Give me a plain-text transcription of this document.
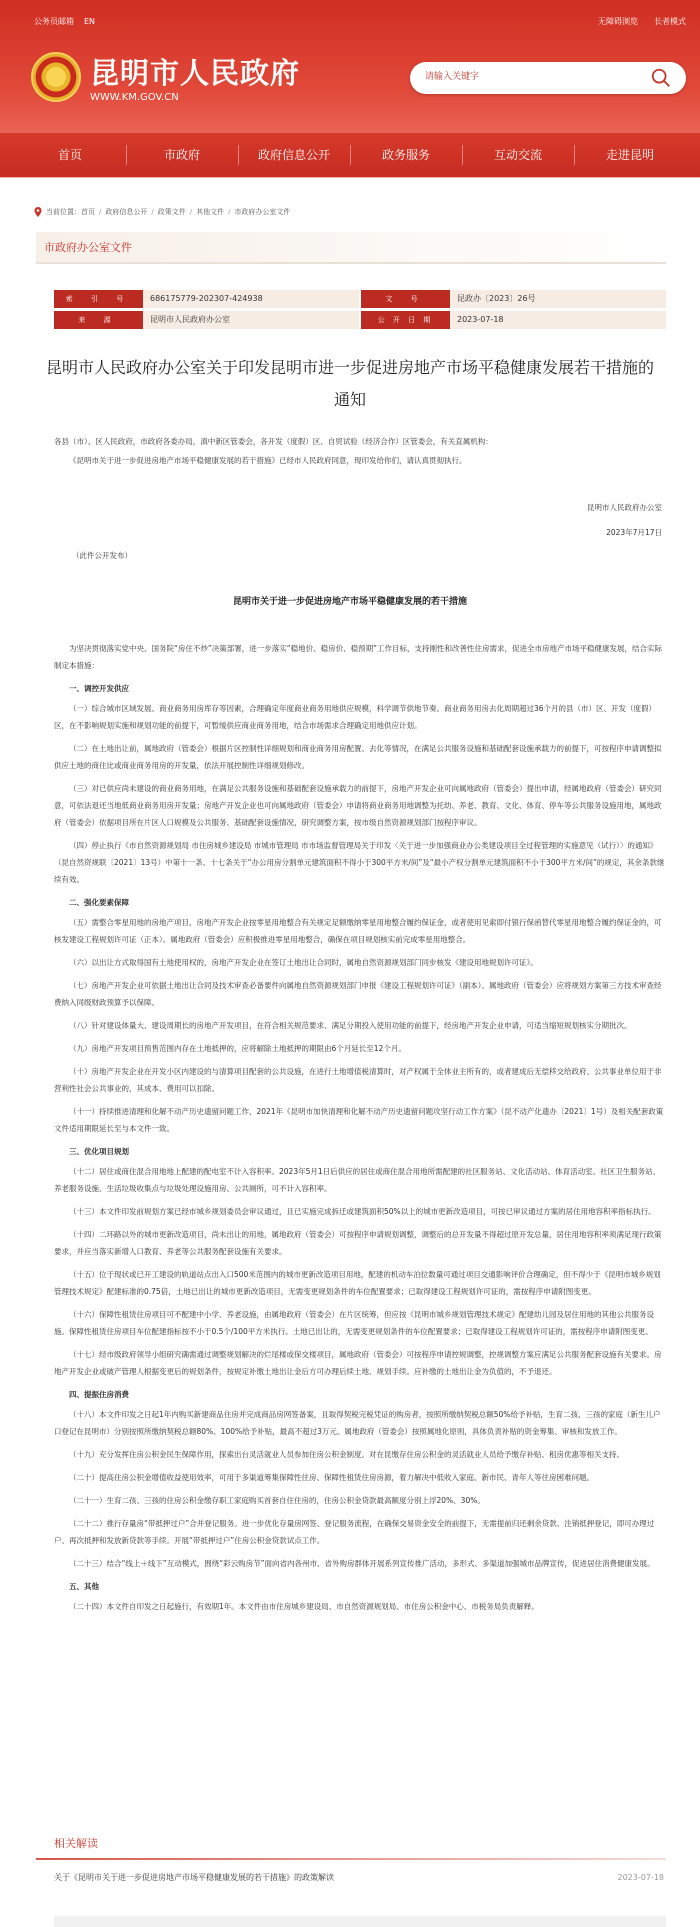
公务员邮箱 EN	无障碍浏览 长者模式
昆明市人民政府
WWW.KM.GOV.CN
请输入关键字
首页	市政府	政府信息公开	政务服务	互动交流	走进昆明
当前位置：首页 / 政府信息公开 / 政策文件 / 其他文件 / 市政府办公室文件
市政府办公室文件
索 引 号	686175779-202307-424938	文 号	昆政办〔2023〕26号
来 源	昆明市人民政府办公室	公 开 日 期	2023-07-18
昆明市人民政府办公室关于印发昆明市进一步促进房地产市场平稳健康发展若干措施的通知

各县（市）、区人民政府，市政府各委办局，滇中新区管委会，各开发（度假）区、自贸试验（经济合作）区管委会，有关直属机构：

《昆明市关于进一步促进房地产市场平稳健康发展的若干措施》已经市人民政府同意，现印发给你们，请认真贯彻执行。

昆明市人民政府办公室
2023年7月17日
（此件公开发布）
昆明市关于进一步促进房地产市场平稳健康发展的若干措施

为坚决贯彻落实党中央、国务院“房住不炒”决策部署，进一步落实“稳地价、稳房价、稳预期”工作目标，支持刚性和改善性住房需求，促进全市房地产市场平稳健康发展，结合实际制定本措施：

一、调控开发供应

（一）综合城市区域发展、商业商务用房库存等因素，合理确定年度商业商务用地供应规模，科学调节供地节奏。商业商务用房去化周期超过36个月的县（市）区、开发（度假）区，在不影响规划实施和规划功能的前提下，可暂缓供应商业商务用地，结合市场需求合理确定用地供应计划。

（二）在土地出让前，属地政府（管委会）根据片区控制性详细规划和商业商务用房配置、去化等情况，在满足公共服务设施和基础配套设施承载力的前提下，可按程序申请调整拟供应土地的商住比或商业商务用房的开发量，依法开展控制性详细规划修改。

（三）对已供应尚未建设的商业商务用地，在满足公共服务设施和基础配套设施承载力的前提下，房地产开发企业可向属地政府（管委会）提出申请，经属地政府（管委会）研究同意，可依法退还当地低商业商务用房开发量；房地产开发企业也可向属地政府（管委会）申请将商业商务用地调整为托幼、养老、教育、文化、体育、停车等公共服务设施用地，属地政府（管委会）依据项目所在片区人口规模及公共服务、基础配套设施情况，研究调整方案，按市级自然资源规划部门按程序审议。

（四）停止执行《市自然资源规划局 市住房城乡建设局 市城市管理局 市市场监督管理局关于印发〈关于进一步加强商业办公类建设项目全过程管理的实施意见（试行）〉的通知》（昆自然资规联〔2021〕13号）中第十一条、十七条关于“办公用房分割单元建筑面积不得小于300平方米/间”及“最小产权分割单元建筑面积不小于300平方米/间”的规定，其余条款继续有效。

二、强化要素保障

（五）需整合零星用地的房地产项目，房地产开发企业按零星用地整合有关规定足额缴纳零星用地整合履约保证金，或者使用见索即付银行保函替代零星用地整合履约保证金的，可核发建设工程规划许可证（正本）。属地政府（管委会）应积极推进零星用地整合，确保在项目规划核实前完成零星用地整合。

（六）以出让方式取得国有土地使用权的，房地产开发企业在签订土地出让合同时，属地自然资源规划部门同步核发《建设用地规划许可证》。

（七）房地产开发企业可依据土地出让合同及技术审查必备要件向属地自然资源规划部门申报《建设工程规划许可证》（副本）。属地政府（管委会）应将规划方案第三方技术审查经费纳入同级财政预算予以保障。

（八）针对建设体量大、建设周期长的房地产开发项目，在符合相关规范要求、满足分期投入使用功能的前提下，经房地产开发企业申请，可适当缩短规划核实分期批次。

（九）房地产开发项目预售范围内存在土地抵押的，应将解除土地抵押的期限由6个月延长至12个月。

（十）房地产开发企业在开发小区内建设的与清算项目配套的公共设施，在进行土地增值税清算时，对产权属于全体业主所有的，或者建成后无偿移交给政府、公共事业单位用于非营利性社会公共事业的，其成本、费用可以扣除。

（十一）持续推进清理和化解不动产历史遗留问题工作，2021年《昆明市加快清理和化解不动产历史遗留问题攻坚行动工作方案》（昆不动产化遗办〔2021〕1号）及相关配套政策文件适用期限延长至与本文件一致。

三、优化项目规划

（十二）居住或商住混合用地地上配建的配电室不计入容积率。2023年5月1日后供应的居住或商住混合用地所需配建的社区服务站、文化活动站、体育活动室、社区卫生服务站、养老服务设施、生活垃圾收集点与垃圾处理设施用房、公共厕所，可不计入容积率。

（十三）本文件印发前规划方案已经市城乡规划委员会审议通过，且已实施完成拆迁或建筑面积50%以上的城市更新改造项目，可按已审议通过方案的居住用地容积率指标执行。

（十四）二环路以外的城市更新改造项目，尚未出让的用地，属地政府（管委会）可按程序申请规划调整，调整后的总开发量不得超过原开发总量，居住用地容积率须满足现行政策要求，并应当落实新增人口教育、养老等公共服务配套设施有关要求。

（十五）位于现状或已开工建设的轨道站点出入口500米范围内的城市更新改造项目用地，配建的机动车泊位数量可通过项目交通影响评价合理确定，但不得少于《昆明市城乡规划管理技术规定》配建标准的0.75倍，土地已出让的城市更新改造项目，无需变更规划条件的车位配置要求；已取得建设工程规划许可证的，需按程序申请附图变更。

（十六）保障性租赁住房项目可不配建中小学、养老设施，由属地政府（管委会）在片区统筹，但应按《昆明市城乡规划管理技术规定》配建幼儿园及居住用地的其他公共服务设施。保障性租赁住房项目车位配建指标按不小于0.5个/100平方米执行。土地已出让的，无需变更规划条件的车位配置要求；已取得建设工程规划许可证的，需按程序申请附图变更。

（十七）经市级政府领导小组研究确需通过调整规划解决的烂尾楼或保交楼项目，属地政府（管委会）可按程序申请控规调整，控规调整方案应满足公共服务配套设施有关要求。房地产开发企业或破产管理人根据变更后的规划条件，按规定补缴土地出让金后方可办理后续土地、规划手续。应补缴的土地出让金为负值的，不予退还。

四、提振住房消费

（十八）本文件印发之日起1年内购买新建商品住房并完成商品房网签备案，且取得契税完税凭证的购房者，按照所缴纳契税总额50%给予补贴，生育二孩、三孩的家庭（新生儿户口登记在昆明市）分别按照所缴纳契税总额80%、100%给予补贴，最高不超过3万元。属地政府（管委会）按照属地化原则，具体负责补贴的资金筹集、审核和发放工作。

（十九）充分发挥住房公积金民生保障作用，探索出台灵活就业人员参加住房公积金制度。对在昆缴存住房公积金的灵活就业人员给予缴存补贴、租房优惠等相关支持。

（二十）提高住房公积金增值收益使用效率，可用于多渠道筹集保障性住房、保障性租赁住房房源，着力解决中低收入家庭、新市民、青年人等住房困难问题。

（二十一）生育二孩、三孩的住房公积金缴存职工家庭购买首套自住住房的，住房公积金贷款最高额度分别上浮20%、30%。

（二十二）推行存量房“带抵押过户”合并登记服务。进一步优化存量房网签、登记服务流程，在确保交易资金安全的前提下，无需提前归还剩余贷款、注销抵押登记，即可办理过户、再次抵押和发放新贷款等手续。开展“带抵押过户”住房公积金贷款试点工作。

（二十三）结合“线上＋线下”互动模式，围绕“彩云购房节”面向省内各州市、省外购房群体开展系列宣传推广活动，多形式、多渠道加强城市品牌宣传，促进居住消费健康发展。

五、其他

（二十四）本文件自印发之日起施行，有效期1年。本文件由市住房城乡建设局、市自然资源规划局、市住房公积金中心、市税务局负责解释。

相关解读
关于《昆明市关于进一步促进房地产市场平稳健康发展的若干措施》的政策解读	2023-07-18
